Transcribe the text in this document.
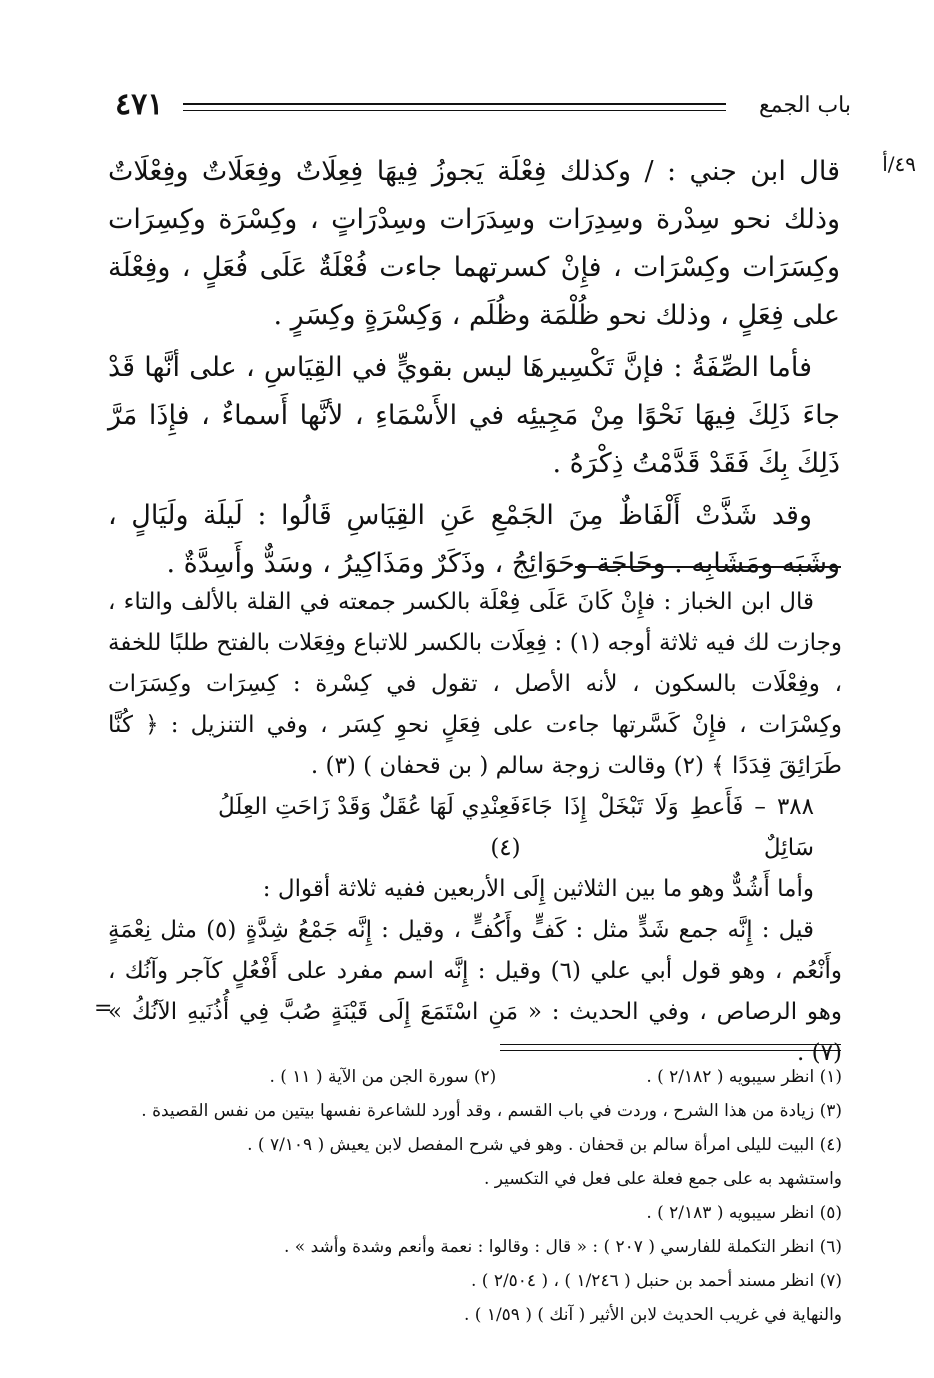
٤٧١	باب الجمع
٤٩/أ

قال ابن جني : / وكذلك فِعْلَة يَجوزُ فِيهَا فِعِلَاتٌ وفِعَلَاتٌ وفِعْلَاتٌ وذلك نحو سِدْرة وسِدِرَات وسِدَرَات وسِدْرَاتٍ ، وكِسْرَة وكِسِرَات وكِسَرَات وكِسْرَات ، فإِنْ كسرتهما جاءت فُعْلَةٌ عَلَى فُعَلٍ ، وفِعْلَة على فِعَلٍ ، وذلك نحو ظُلْمَة وظُلَم ، وَكِسْرَةٍ وكِسَرٍ .

فأما الصِّفَةُ : فإنَّ تَكْسِيرهَا ليس بقويٍّ في القِيَاسِ ، على أنَّها قَدْ جاءَ ذَلِكَ فِيهَا نَحْوًا مِنْ مَجِيئِه في الأَسْمَاءِ ، لأنَّها أَسماءٌ ، فإِذَا مَرَّ ذَلِكَ بِكَ فَقَدْ قَدَّمْتُ ذِكْرَهُ .

وقد شَذَّتْ أَلْفَاظٌ مِنَ الجَمْعِ عَنِ القِيَاسِ قَالُوا : لَيلَة ولَيَالٍ ، وشَبَه ومَشَابِه . وحَاجَة وحَوَائِجُ ، وذَكَرٌ ومَذَاكِيرُ ، وسَدٌّ وأَسِدَّةٌ .

قال ابن الخباز : فإِنْ كَانَ عَلَى فِعْلَة بالكسر جمعته في القلة بالألف والتاء ، وجازت لك فيه ثلاثة أوجه (١) : فِعِلَات بالكسر للاتباع وفِعَلات بالفتح طلبًا للخفة ، وفِعْلَات بالسكون ، لأنه الأصل ، تقول في كِسْرة : كِسِرَات وكِسَرَات وكِسْرَات ، فإِنْ كَسَّرتها جاءت على فِعَلٍ نحوِ كِسَر ، وفي التنزيل : ﴿ كُنَّا طَرَائِقَ قِدَدًا ﴾ (٢) وقالت زوجة سالم ( بن قحفان ) (٣) .

٣٨٨ – فَأَعطِ وَلَا تَبْخَلْ إِذَا جَاءَ سَائِلٌ
فَعِنْدِي لَهَا عُقَلٌ وَقَدْ زَاحَتِ العِلَلُ (٤)

وأما أَشُدٌّ وهو ما بين الثلاثين إِلَى الأربعين ففيه ثلاثة أقوال :

قيل : إِنَّه جمع شَدٍّ مثل : كَفٍّ وأَكُفٍّ ، وقيل : إِنَّه جَمْعُ شِدَّةٍ (٥) مثل نِعْمَةٍ وأَنْعُم ، وهو قول أبي علي (٦) وقيل : إِنَّه اسم مفرد على أَفْعُلٍ كآجر وآنُك ، وهو الرصاص ، وفي الحديث : « مَنِ اسْتَمَعَ إِلَى قَيْنَةٍ صُبَّ فِي أُذُنَيهِ الآنُكُ » (٧) .

=
(١) انظر سيبويه ( ٢/١٨٢ ) .
(٢) سورة الجن من الآية ( ١١ ) .
(٣) زيادة من هذا الشرح ، وردت في باب القسم ، وقد أورد للشاعرة نفسها بيتين من نفس القصيدة .
(٤) البيت لليلى امرأة سالم بن قحفان . وهو في شرح المفصل لابن يعيش ( ٧/١٠٩ ) .
واستشهد به على جمع فعلة على فعل في التكسير .
(٥) انظر سيبويه ( ٢/١٨٣ ) .
(٦) انظر التكملة للفارسي ( ٢٠٧ ) : « قال : وقالوا : نعمة وأنعم وشدة وأشد » .
(٧) انظر مسند أحمد بن حنبل ( ١/٢٤٦ ) ، ( ٢/٥٠٤ ) .
والنهاية في غريب الحديث لابن الأثير ( آنك ) ( ١/٥٩ ) .
